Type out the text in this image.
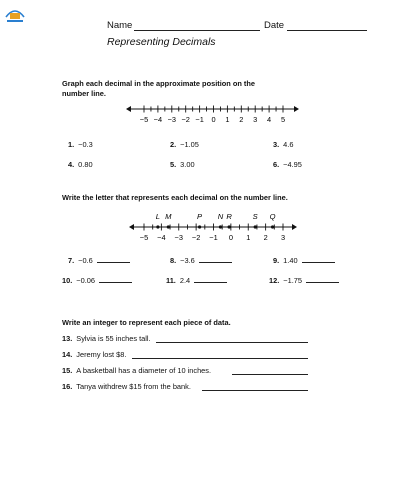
Name	Date
Representing Decimals
Graph each decimal in the approximate position on the number line.
−5 −4 −3 −2 −1 0 1 2 3 4 5
1. −0.3	2. −1.05	3. 4.6
4. 0.80	5. 3.00	6. −4.95
Write the letter that represents each decimal on the number line.
−5 −4 −3 −2 −1 0 1 2 3
L M	P N R	S Q
7. −0.6	8. −3.6	9. 1.40
10. −0.06	11. 2.4	12. −1.75
Write an integer to represent each piece of data.
13. Sylvia is 55 inches tall.
14. Jeremy lost $8.
15. A basketball has a diameter of 10 inches.
16. Tanya withdrew $15 from the bank.
